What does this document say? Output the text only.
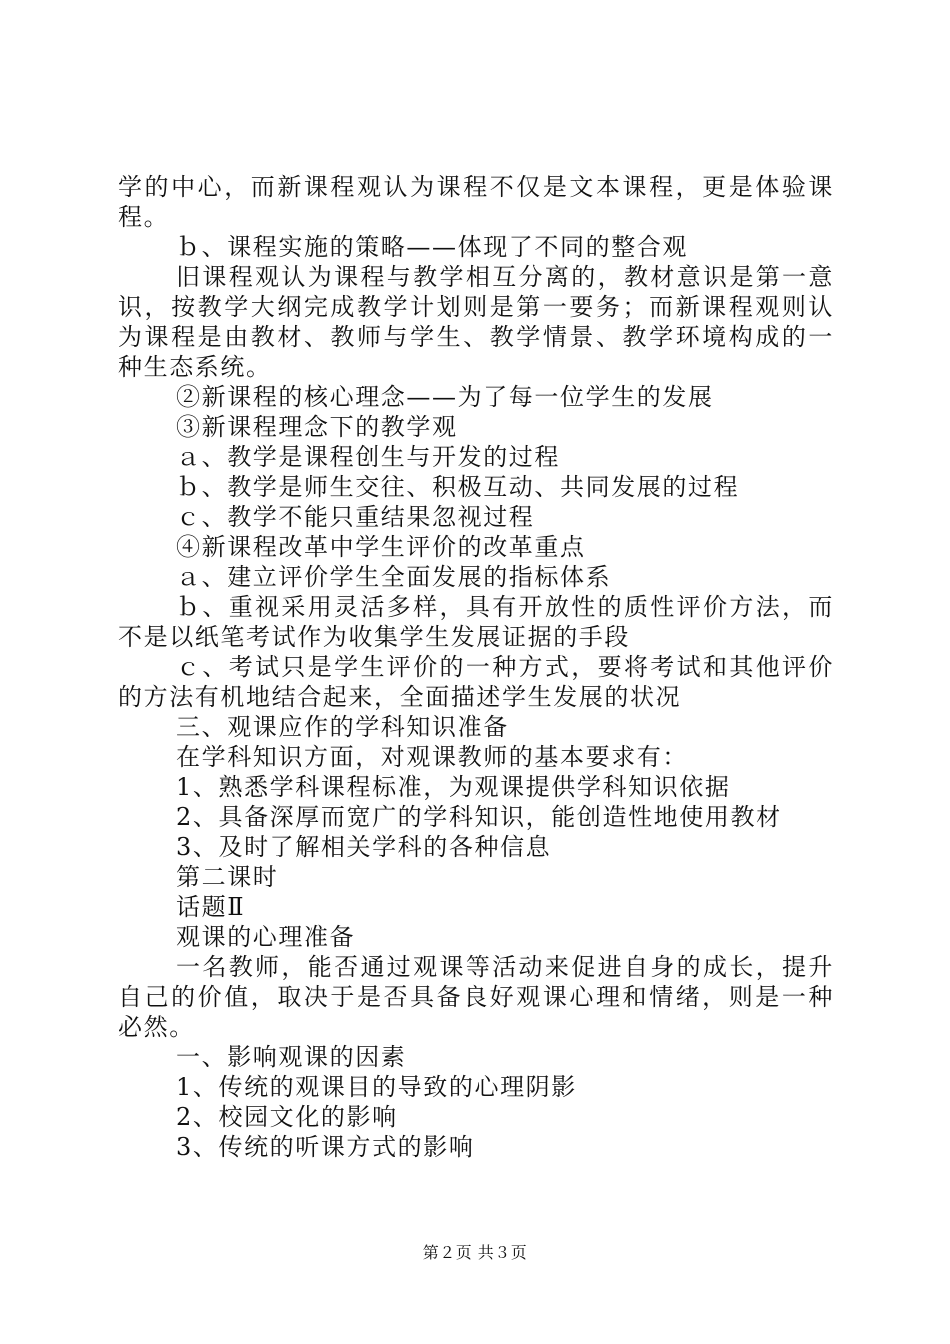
学的中心，而新课程观认为课程不仅是文本课程，更是体验课程。

ｂ、课程实施的策略——体现了不同的整合观

旧课程观认为课程与教学相互分离的，教材意识是第一意识，按教学大纲完成教学计划则是第一要务；而新课程观则认为课程是由教材、教师与学生、教学情景、教学环境构成的一种生态系统。

②新课程的核心理念——为了每一位学生的发展

③新课程理念下的教学观

ａ、教学是课程创生与开发的过程

ｂ、教学是师生交往、积极互动、共同发展的过程

ｃ、教学不能只重结果忽视过程

④新课程改革中学生评价的改革重点

ａ、建立评价学生全面发展的指标体系

ｂ、重视采用灵活多样，具有开放性的质性评价方法，而不是以纸笔考试作为收集学生发展证据的手段

ｃ、考试只是学生评价的一种方式，要将考试和其他评价的方法有机地结合起来，全面描述学生发展的状况

三、观课应作的学科知识准备

在学科知识方面，对观课教师的基本要求有：

1、熟悉学科课程标准，为观课提供学科知识依据

2、具备深厚而宽广的学科知识，能创造性地使用教材

3、及时了解相关学科的各种信息

第二课时

话题Ⅱ

观课的心理准备

一名教师，能否通过观课等活动来促进自身的成长，提升自己的价值，取决于是否具备良好观课心理和情绪，则是一种必然。

一、影响观课的因素

1、传统的观课目的导致的心理阴影

2、校园文化的影响

3、传统的听课方式的影响

第２页 共３页
